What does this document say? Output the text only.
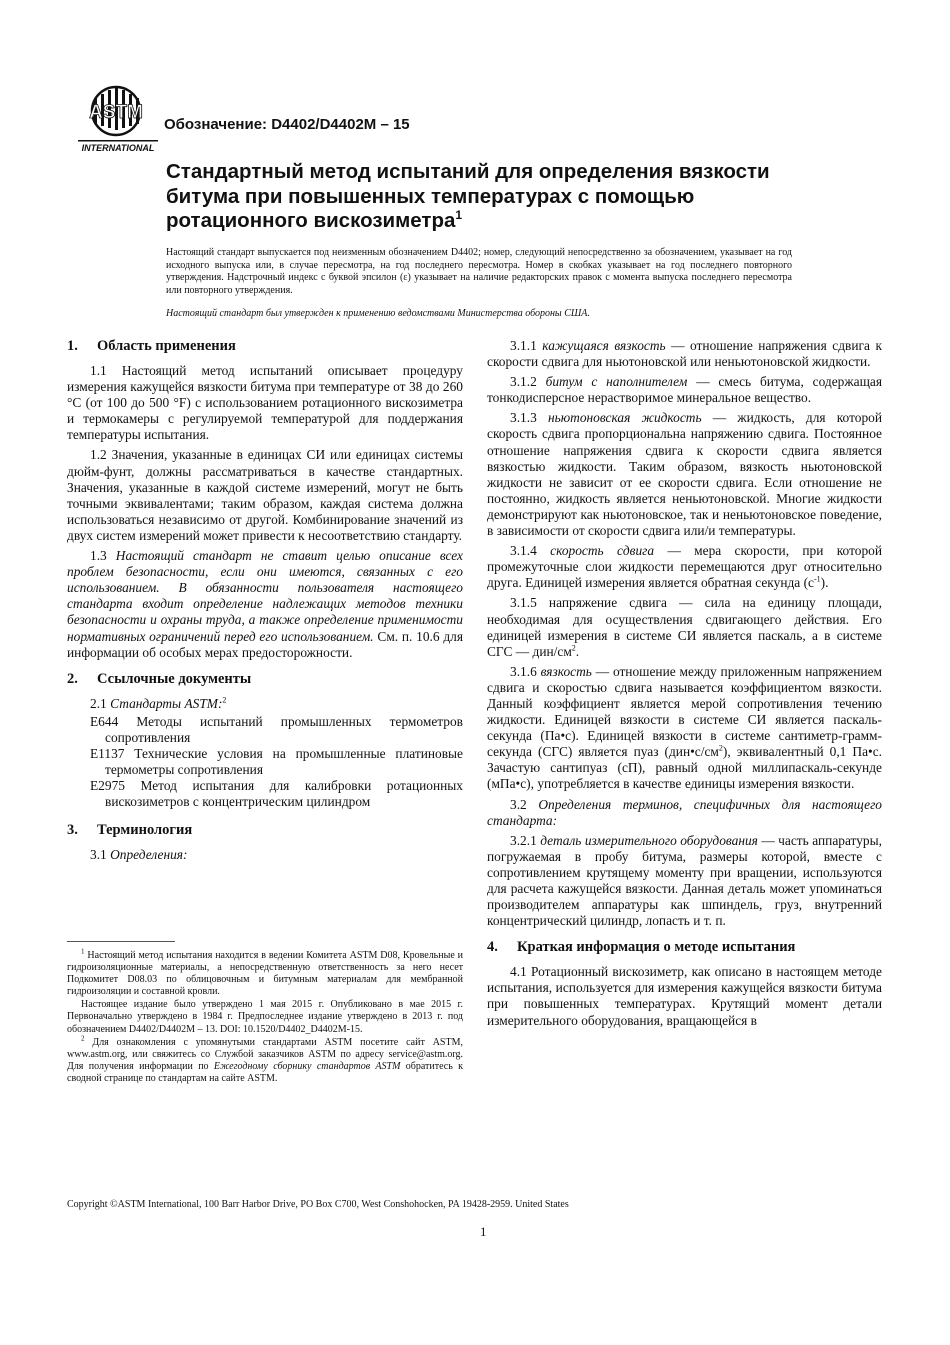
ASTM
INTERNATIONAL
Обозначение: D4402/D4402M – 15
Стандартный метод испытаний для определения вязкости битума при повышенных температурах с помощью ротационного вискозиметра$^1$

Настоящий стандарт выпускается под неизменным обозначением D4402; номер, следующий непосредственно за обозначением, указывает на год исходного выпуска или, в случае пересмотра, на год последнего пересмотра. Номер в скобках указывает на год последнего повторного утверждения. Надстрочный индекс с буквой эпсилон (ε) указывает на наличие редакторских правок с момента выпуска последнего пересмотра или повторного утверждения.

Настоящий стандарт был утвержден к применению ведомствами Министерства обороны США.

1. Область применения

1.1 Настоящий метод испытаний описывает процедуру измерения кажущейся вязкости битума при температуре от 38 до 260 °C (от 100 до 500 °F) с использованием ротационного вискозиметра и термокамеры с регулируемой температурой для поддержания температуры испытания.

1.2 Значения, указанные в единицах СИ или единицах системы дюйм-фунт, должны рассматриваться в качестве стандартных. Значения, указанные в каждой системе измерений, могут не быть точными эквивалентами; таким образом, каждая система должна использоваться независимо от другой. Комбинирование значений из двух систем измерений может привести к несоответствию стандарту.

1.3 Настоящий стандарт не ставит целью описание всех проблем безопасности, если они имеются, связанных с его использованием. В обязанности пользователя настоящего стандарта входит определение надлежащих методов техники безопасности и охраны труда, а также определение применимости нормативных ограничений перед его использованием. См. п. 10.6 для информации об особых мерах предосторожности.

2. Ссылочные документы

2.1 Стандарты ASTM:$^2$

E644 Методы испытаний промышленных термометров сопротивления

E1137 Технические условия на промышленные платиновые термометры сопротивления

E2975 Метод испытания для калибровки ротационных вискозиметров с концентрическим цилиндром

3. Терминология

3.1 Определения:

$^1$ Настоящий метод испытания находится в ведении Комитета ASTM D08, Кровельные и гидроизоляционные материалы, а непосредственную ответственность за него несет Подкомитет D08.03 по облицовочным и битумным материалам для мембранной гидроизоляции и составной кровли.

Настоящее издание было утверждено 1 мая 2015 г. Опубликовано в мае 2015 г. Первоначально утверждено в 1984 г. Предпоследнее издание утверждено в 2013 г. под обозначением D4402/D4402M – 13. DOI: 10.1520/D4402_D4402M-15.

$^2$ Для ознакомления с упомянутыми стандартами ASTM посетите сайт ASTM, www.astm.org, или свяжитесь со Службой заказчиков ASTM по адресу service@astm.org. Для получения информации по Ежегодному сборнику стандартов ASTM обратитесь к сводной странице по стандартам на сайте ASTM.

3.1.1 кажущаяся вязкость — отношение напряжения сдвига к скорости сдвига для ньютоновской или неньютоновской жидкости.

3.1.2 битум с наполнителем — смесь битума, содержащая тонкодисперсное нерастворимое минеральное вещество.

3.1.3 ньютоновская жидкость — жидкость, для которой скорость сдвига пропорциональна напряжению сдвига. Постоянное отношение напряжения сдвига к скорости сдвига является вязкостью жидкости. Таким образом, вязкость ньютоновской жидкости не зависит от ее скорости сдвига. Если отношение не постоянно, жидкость является неньютоновской. Многие жидкости демонстрируют как ньютоновское, так и неньютоновское поведение, в зависимости от скорости сдвига или/и температуры.

3.1.4 скорость сдвига — мера скорости, при которой промежуточные слои жидкости перемещаются друг относительно друга. Единицей измерения является обратная секунда $(с^{-1})$.

3.1.5 напряжение сдвига — сила на единицу площади, необходимая для осуществления сдвигающего действия. Его единицей измерения в системе СИ является паскаль, а в системе СГС — дин/$см^2$.

3.1.6 вязкость — отношение между приложенным напряжением сдвига и скоростью сдвига называется коэффициентом вязкости. Данный коэффициент является мерой сопротивления течению жидкости. Единицей вязкости в системе СИ является паскаль-секунда (Па•с). Единицей вязкости в системе сантиметр-грамм-секунда (СГС) является пуаз $(дин•с/см^2)$, эквивалентный 0,1 Па•с. Зачастую сантипуаз (сП), равный одной миллипаскаль-секунде (мПа•с), употребляется в качестве единицы измерения вязкости.

3.2 Определения терминов, специфичных для настоящего стандарта:

3.2.1 деталь измерительного оборудования — часть аппаратуры, погружаемая в пробу битума, размеры которой, вместе с сопротивлением крутящему моменту при вращении, используются для расчета кажущейся вязкости. Данная деталь может упоминаться производителем аппаратуры как шпиндель, груз, внутренний концентрический цилиндр, лопасть и т. п.

4. Краткая информация о методе испытания

4.1 Ротационный вискозиметр, как описано в настоящем методе испытания, используется для измерения кажущейся вязкости битума при повышенных температурах. Крутящий момент детали измерительного оборудования, вращающейся в

Copyright ©ASTM International, 100 Barr Harbor Drive, PO Box C700, West Conshohocken, PA 19428-2959. United States
1
